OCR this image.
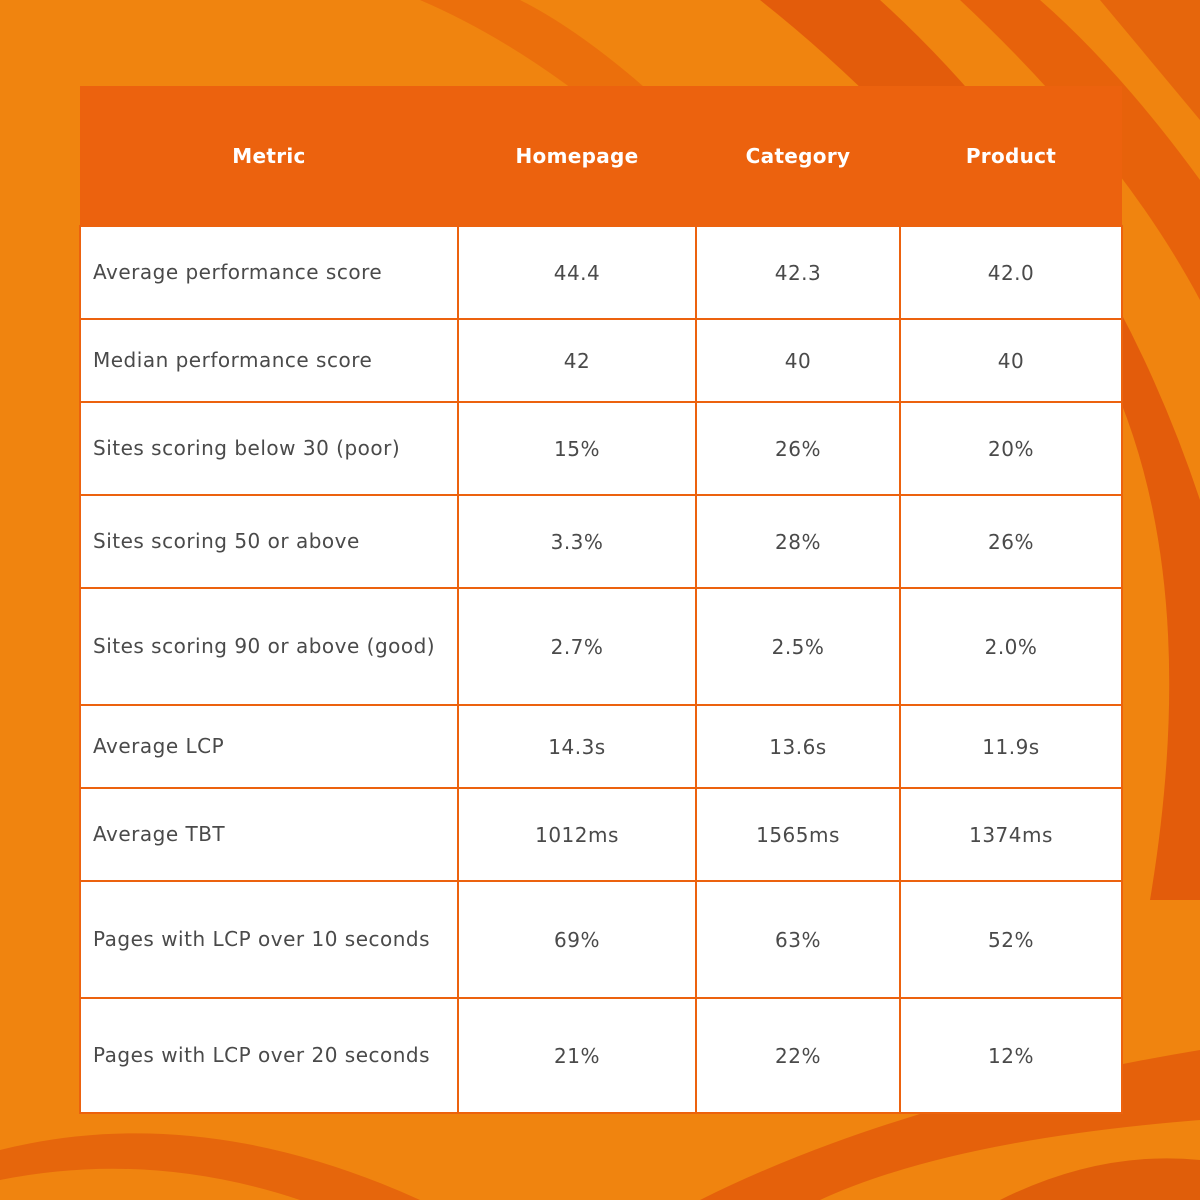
Metric	Homepage	Category	Product
Average performance score	44.4	42.3	42.0
Median performance score	42	40	40
Sites scoring below 30 (poor)	15%	26%	20%
Sites scoring 50 or above	3.3%	28%	26%
Sites scoring 90 or above (good)	2.7%	2.5%	2.0%
Average LCP	14.3s	13.6s	11.9s
Average TBT	1012ms	1565ms	1374ms
Pages with LCP over 10 seconds	69%	63%	52%
Pages with LCP over 20 seconds	21%	22%	12%
